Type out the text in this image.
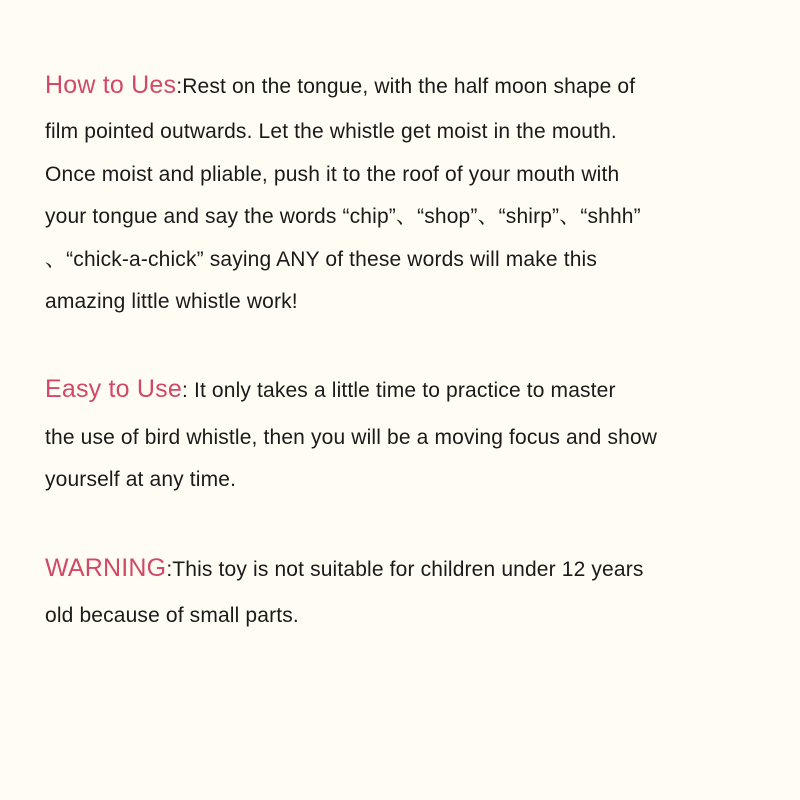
How to Ues:Rest on the tongue, with the half moon shape of
film pointed outwards. Let the whistle get moist in the mouth.
Once moist and pliable, push it to the roof of your mouth with
your tongue and say the words “chip”、“shop”、“shirp”、“shhh”
、“chick-a-chick” saying ANY of these words will make this
amazing little whistle work!
Easy to Use: It only takes a little time to practice to master
the use of bird whistle, then you will be a moving focus and show
yourself at any time.
WARNING:This toy is not suitable for children under 12 years
old because of small parts.
